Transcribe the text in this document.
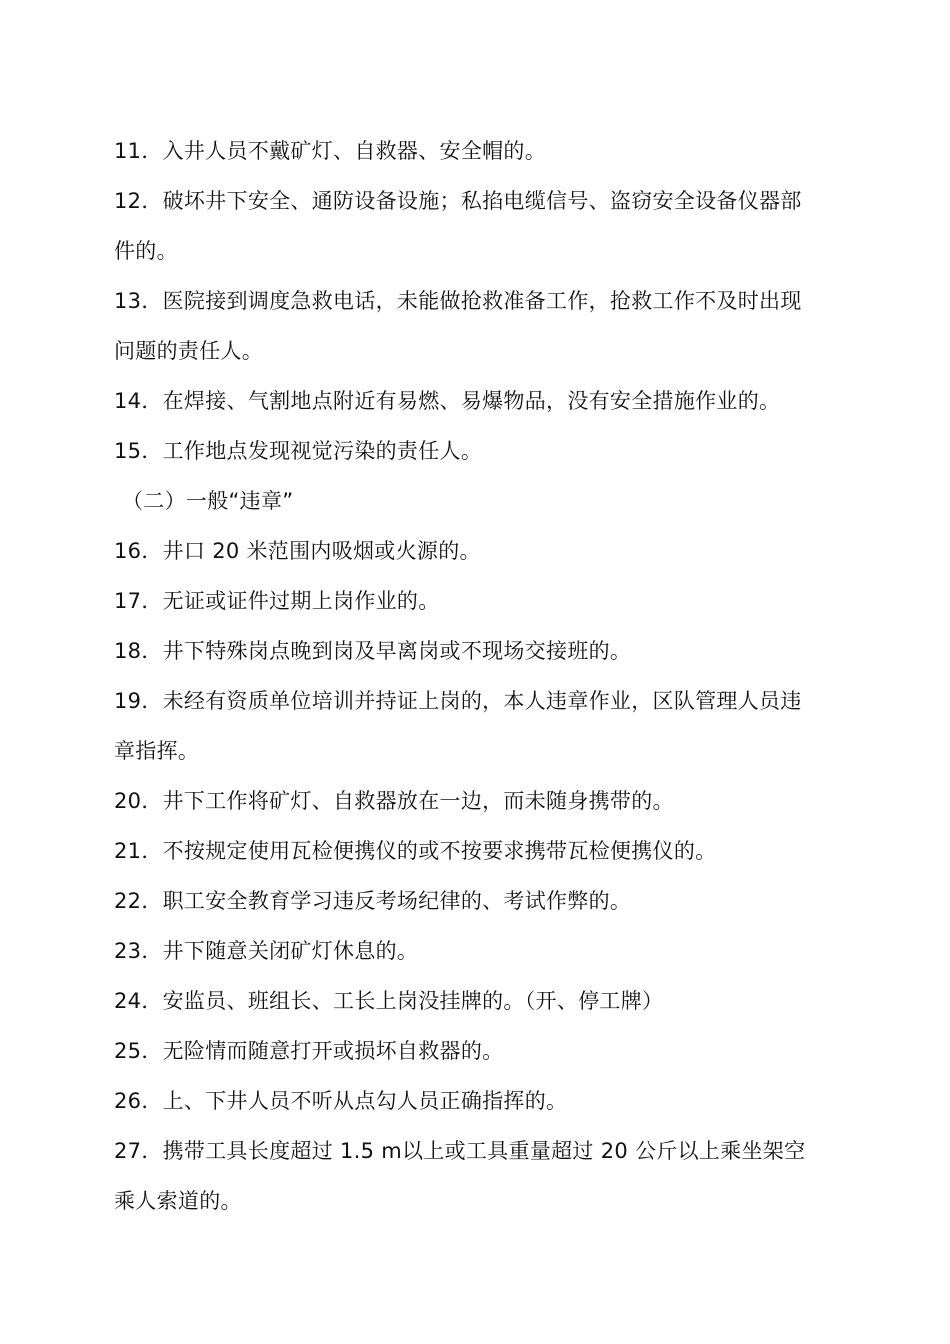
11．入井人员不戴矿灯、自救器、安全帽的。
12．破坏井下安全、通防设备设施；私掐电缆信号、盗窃安全设备仪器部
件的。
13．医院接到调度急救电话，未能做抢救准备工作，抢救工作不及时出现
问题的责任人。
14．在焊接、气割地点附近有易燃、易爆物品，没有安全措施作业的。
15．工作地点发现视觉污染的责任人。
（二）一般“违章”
16．井口 20 米范围内吸烟或火源的。
17．无证或证件过期上岗作业的。
18．井下特殊岗点晚到岗及早离岗或不现场交接班的。
19．未经有资质单位培训并持证上岗的，本人违章作业，区队管理人员违
章指挥。
20．井下工作将矿灯、自救器放在一边，而未随身携带的。
21．不按规定使用瓦检便携仪的或不按要求携带瓦检便携仪的。
22．职工安全教育学习违反考场纪律的、考试作弊的。
23．井下随意关闭矿灯休息的。
24．安监员、班组长、工长上岗没挂牌的。（开、停工牌）
25．无险情而随意打开或损坏自救器的。
26．上、下井人员不听从点勾人员正确指挥的。
27．携带工具长度超过 1.5 m以上或工具重量超过 20 公斤以上乘坐架空
乘人索道的。
